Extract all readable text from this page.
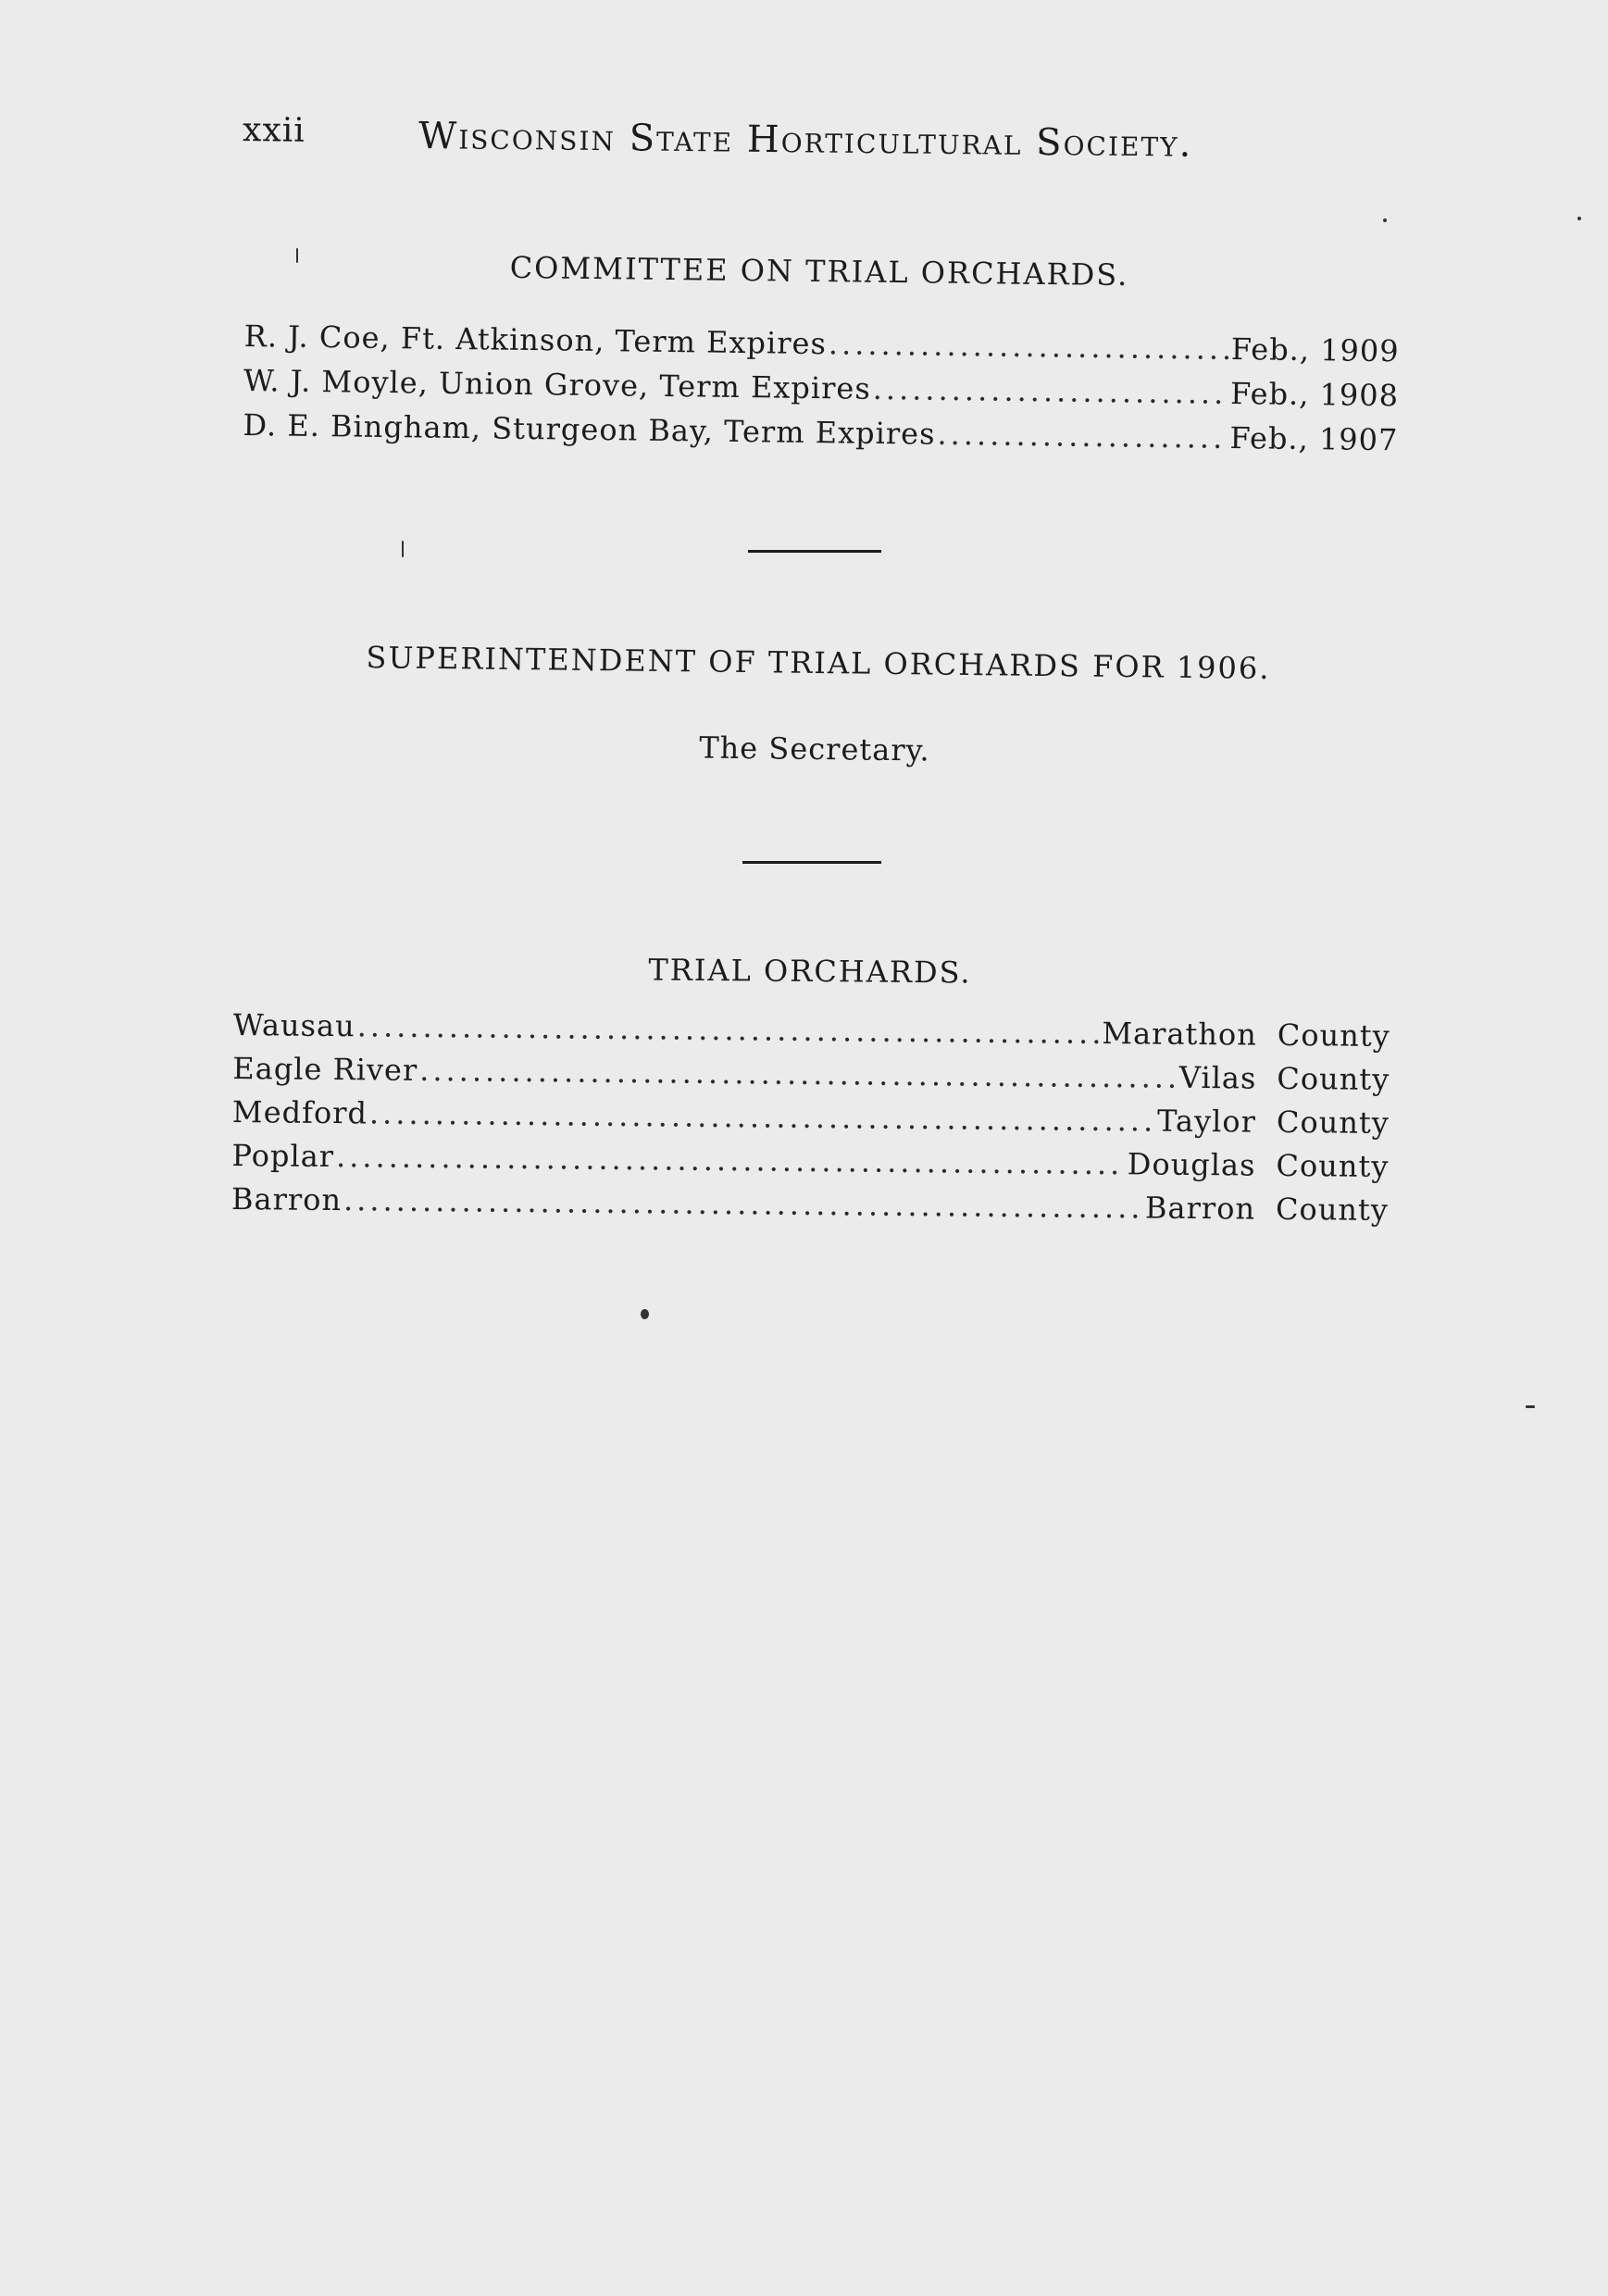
xxii	Wisconsin State Horticultural Society.
COMMITTEE ON TRIAL ORCHARDS.
R. J. Coe, Ft. Atkinson, Term Expires .....	Feb., 1909
W. J. Moyle, Union Grove, Term Expires .....	Feb., 1908
D. E. Bingham, Sturgeon Bay, Term Expires .....	Feb., 1907
SUPERINTENDENT OF TRIAL ORCHARDS FOR 1906.
The Secretary.
TRIAL ORCHARDS.
Wausau .....	Marathon County
Eagle River .....	Vilas County
Medford .....	Taylor County
Poplar .....	Douglas County
Barron .....	Barron County
